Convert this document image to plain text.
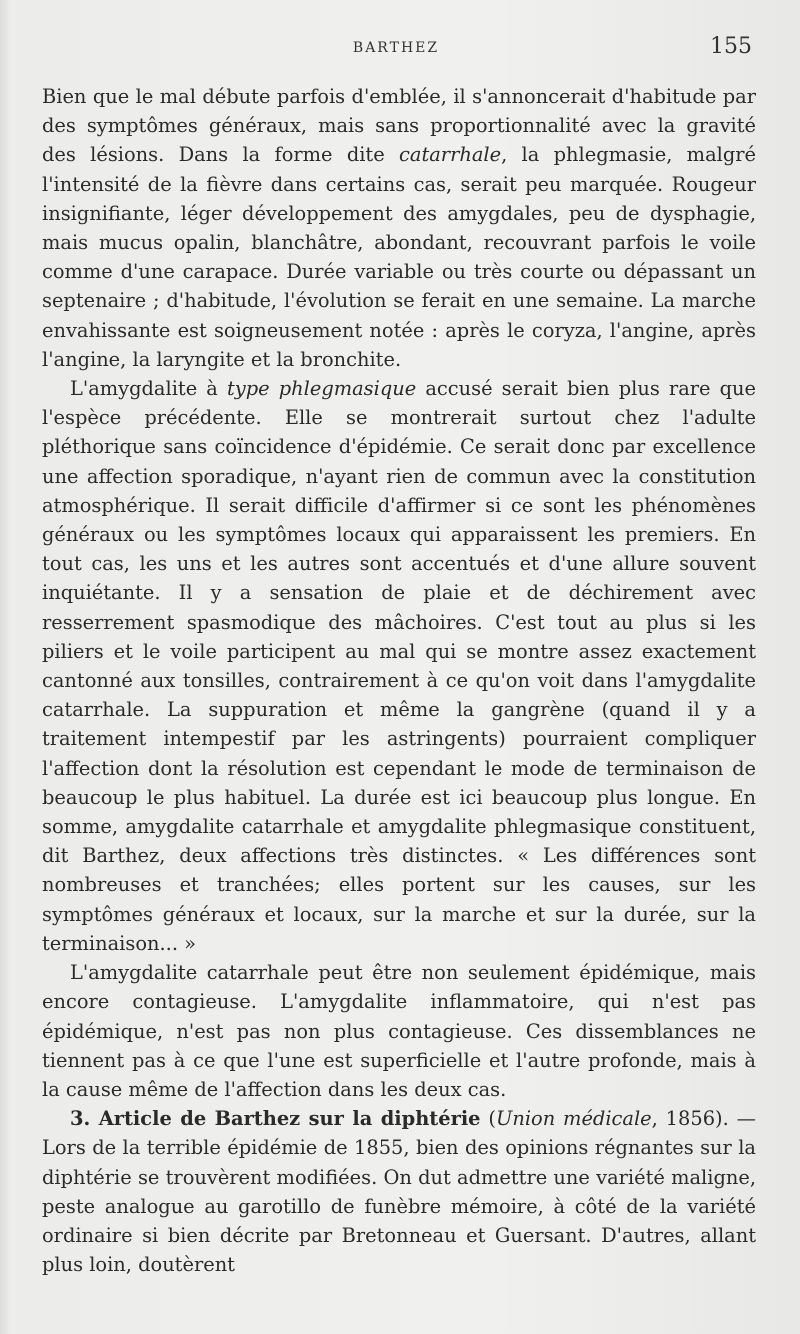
BARTHEZ	155

Bien que le mal débute parfois d'emblée, il s'annoncerait d'habitude par des symptômes généraux, mais sans proportionnalité avec la gravité des lésions. Dans la forme dite catarrhale, la phlegmasie, malgré l'intensité de la fièvre dans certains cas, serait peu marquée. Rougeur insignifiante, léger développement des amygdales, peu de dysphagie, mais mucus opalin, blanchâtre, abondant, recouvrant parfois le voile comme d'une carapace. Durée variable ou très courte ou dépassant un septenaire ; d'habitude, l'évolution se ferait en une semaine. La marche envahissante est soigneusement notée : après le coryza, l'angine, après l'angine, la laryngite et la bronchite.

L'amygdalite à type phlegmasique accusé serait bien plus rare que l'espèce précédente. Elle se montrerait surtout chez l'adulte pléthorique sans coïncidence d'épidémie. Ce serait donc par excellence une affection sporadique, n'ayant rien de commun avec la constitution atmosphérique. Il serait difficile d'affirmer si ce sont les phénomènes généraux ou les symptômes locaux qui apparaissent les premiers. En tout cas, les uns et les autres sont accentués et d'une allure souvent inquiétante. Il y a sensation de plaie et de déchirement avec resserrement spasmodique des mâchoires. C'est tout au plus si les piliers et le voile participent au mal qui se montre assez exactement cantonné aux tonsilles, contrairement à ce qu'on voit dans l'amygdalite catarrhale. La suppuration et même la gangrène (quand il y a traitement intempestif par les astringents) pourraient compliquer l'affection dont la résolution est cependant le mode de terminaison de beaucoup le plus habituel. La durée est ici beaucoup plus longue. En somme, amygdalite catarrhale et amygdalite phlegmasique constituent, dit Barthez, deux affections très distinctes. « Les différences sont nombreuses et tranchées; elles portent sur les causes, sur les symptômes généraux et locaux, sur la marche et sur la durée, sur la terminaison... »

L'amygdalite catarrhale peut être non seulement épidémique, mais encore contagieuse. L'amygdalite inflammatoire, qui n'est pas épidémique, n'est pas non plus contagieuse. Ces dissemblances ne tiennent pas à ce que l'une est superficielle et l'autre profonde, mais à la cause même de l'affection dans les deux cas.

3. Article de Barthez sur la diphtérie (Union médicale, 1856). — Lors de la terrible épidémie de 1855, bien des opinions régnantes sur la diphtérie se trouvèrent modifiées. On dut admettre une variété maligne, peste analogue au garotillo de funèbre mémoire, à côté de la variété ordinaire si bien décrite par Bretonneau et Guersant. D'autres, allant plus loin, doutèrent
